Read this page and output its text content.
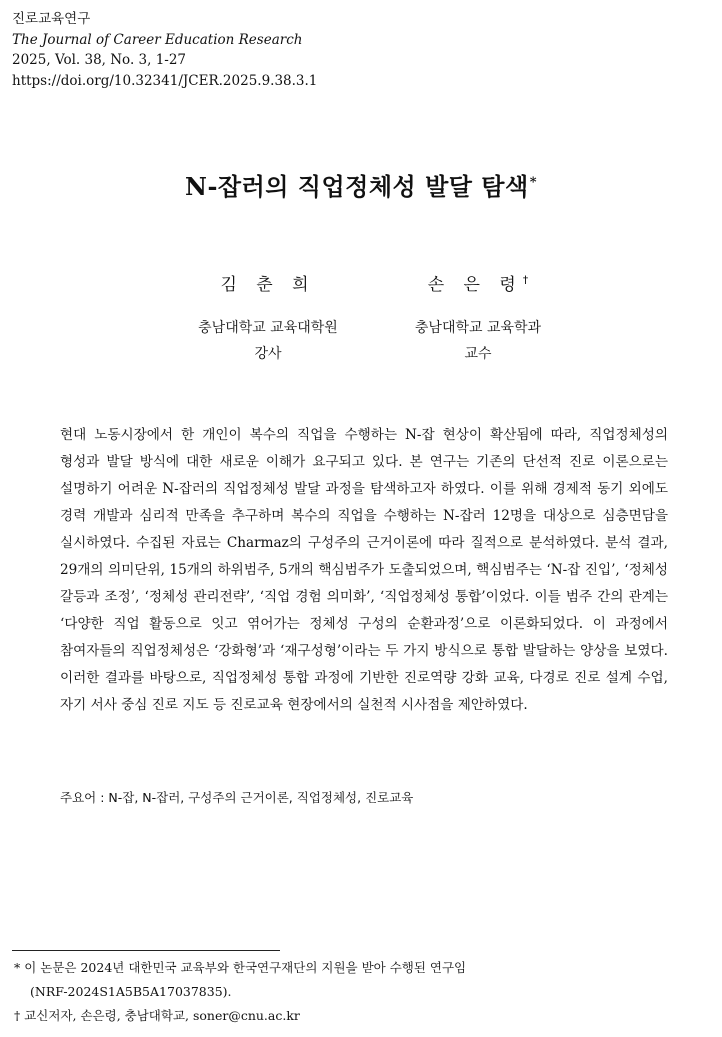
진로교육연구
The Journal of Career Education Research
2025, Vol. 38, No. 3, 1-27
https://doi.org/10.32341/JCER.2025.9.38.3.1
N-잡러의 직업정체성 발달 탐색*
김 춘 희
충남대학교 교육대학원
강사
손 은 령†
충남대학교 교육학과
교수
현대 노동시장에서 한 개인이 복수의 직업을 수행하는 N-잡 현상이 확산됨에 따라, 직업정체성의 형성과 발달 방식에 대한 새로운 이해가 요구되고 있다. 본 연구는 기존의 단선적 진로 이론으로는 설명하기 어려운 N-잡러의 직업정체성 발달 과정을 탐색하고자 하였다. 이를 위해 경제적 동기 외에도 경력 개발과 심리적 만족을 추구하며 복수의 직업을 수행하는 N-잡러 12명을 대상으로 심층면담을 실시하였다. 수집된 자료는 Charmaz의 구성주의 근거이론에 따라 질적으로 분석하였다. 분석 결과, 29개의 의미단위, 15개의 하위범주, 5개의 핵심범주가 도출되었으며, 핵심범주는 ‘N-잡 진입’, ‘정체성 갈등과 조정’, ‘정체성 관리전략’, ‘직업 경험 의미화’, ‘직업정체성 통합’이었다. 이들 범주 간의 관계는 ‘다양한 직업 활동으로 잇고 엮어가는 정체성 구성의 순환과정’으로 이론화되었다. 이 과정에서 참여자들의 직업정체성은 ‘강화형’과 ‘재구성형’이라는 두 가지 방식으로 통합 발달하는 양상을 보였다. 이러한 결과를 바탕으로, 직업정체성 통합 과정에 기반한 진로역량 강화 교육, 다경로 진로 설계 수업, 자기 서사 중심 진로 지도 등 진로교육 현장에서의 실천적 시사점을 제안하였다.
주요어 : N-잡, N-잡러, 구성주의 근거이론, 직업정체성, 진로교육
* 이 논문은 2024년 대한민국 교육부와 한국연구재단의 지원을 받아 수행된 연구임
(NRF-2024S1A5B5A17037835).
† 교신저자, 손은령, 충남대학교, soner@cnu.ac.kr
